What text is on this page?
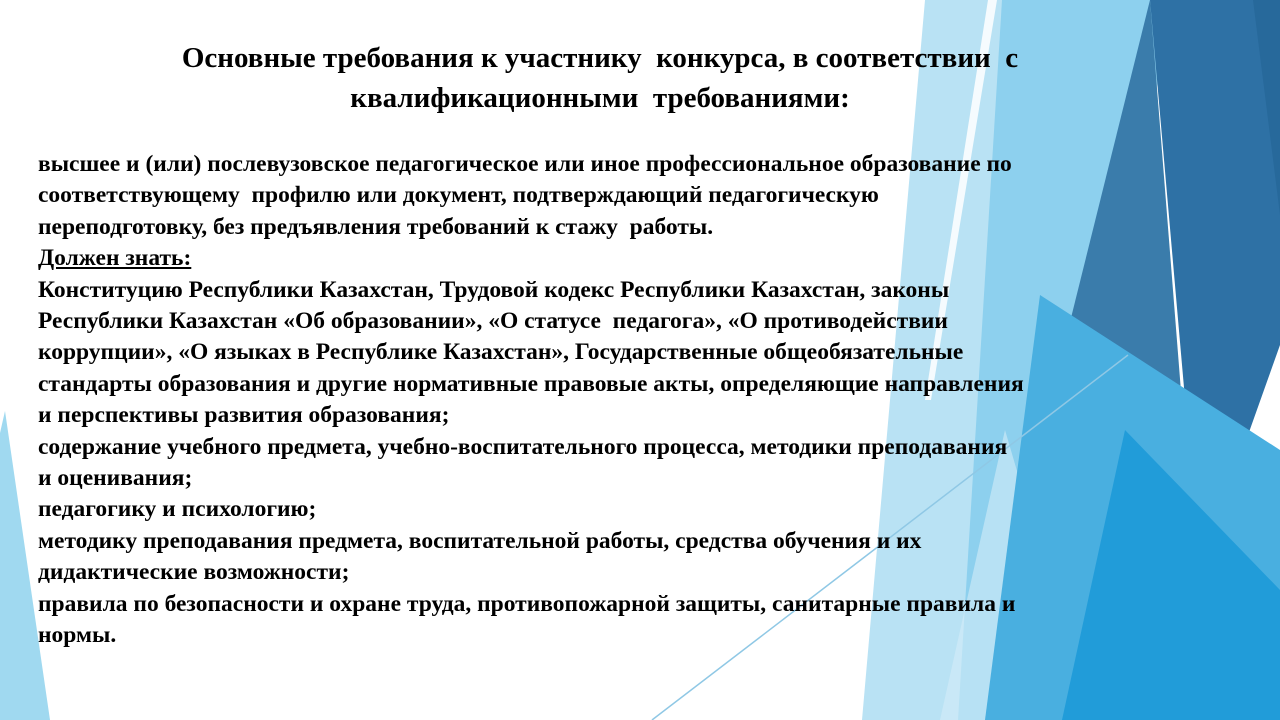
Основные требования к участнику  конкурса, в соответствии  с
квалификационными  требованиями:
высшее и (или) послевузовское педагогическое или иное профессиональное образование по
соответствующему  профилю или документ, подтверждающий педагогическую
переподготовку, без предъявления требований к стажу  работы.
Должен знать:
Конституцию Республики Казахстан, Трудовой кодекс Республики Казахстан, законы
Республики Казахстан «Об образовании», «О статусе  педагога», «О противодействии
коррупции», «О языках в Республике Казахстан», Государственные общеобязательные
стандарты образования и другие нормативные правовые акты, определяющие направления
и перспективы развития образования;
содержание учебного предмета, учебно-воспитательного процесса, методики преподавания
и оценивания;
педагогику и психологию;
методику преподавания предмета, воспитательной работы, средства обучения и их
дидактические возможности;
правила по безопасности и охране труда, противопожарной защиты, санитарные правила и
нормы.
